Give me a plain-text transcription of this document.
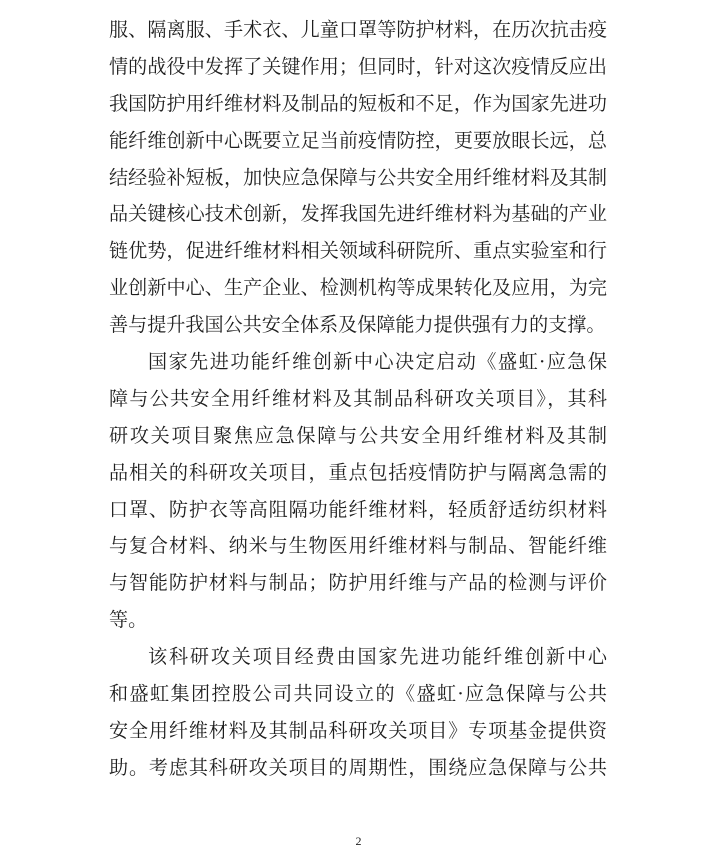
服、隔离服、手术衣、儿童口罩等防护材料，在历次抗击疫
情的战役中发挥了关键作用；但同时，针对这次疫情反应出
我国防护用纤维材料及制品的短板和不足，作为国家先进功
能纤维创新中心既要立足当前疫情防控，更要放眼长远，总
结经验补短板，加快应急保障与公共安全用纤维材料及其制
品关键核心技术创新，发挥我国先进纤维材料为基础的产业
链优势，促进纤维材料相关领域科研院所、重点实验室和行
业创新中心、生产企业、检测机构等成果转化及应用，为完
善与提升我国公共安全体系及保障能力提供强有力的支撑。
国家先进功能纤维创新中心决定启动《盛虹·应急保
障与公共安全用纤维材料及其制品科研攻关项目》，其科
研攻关项目聚焦应急保障与公共安全用纤维材料及其制
品相关的科研攻关项目，重点包括疫情防护与隔离急需的
口罩、防护衣等高阻隔功能纤维材料，轻质舒适纺织材料
与复合材料、纳米与生物医用纤维材料与制品、智能纤维
与智能防护材料与制品；防护用纤维与产品的检测与评价
等。
该科研攻关项目经费由国家先进功能纤维创新中心
和盛虹集团控股公司共同设立的《盛虹·应急保障与公共
安全用纤维材料及其制品科研攻关项目》专项基金提供资
助。考虑其科研攻关项目的周期性，围绕应急保障与公共
2
